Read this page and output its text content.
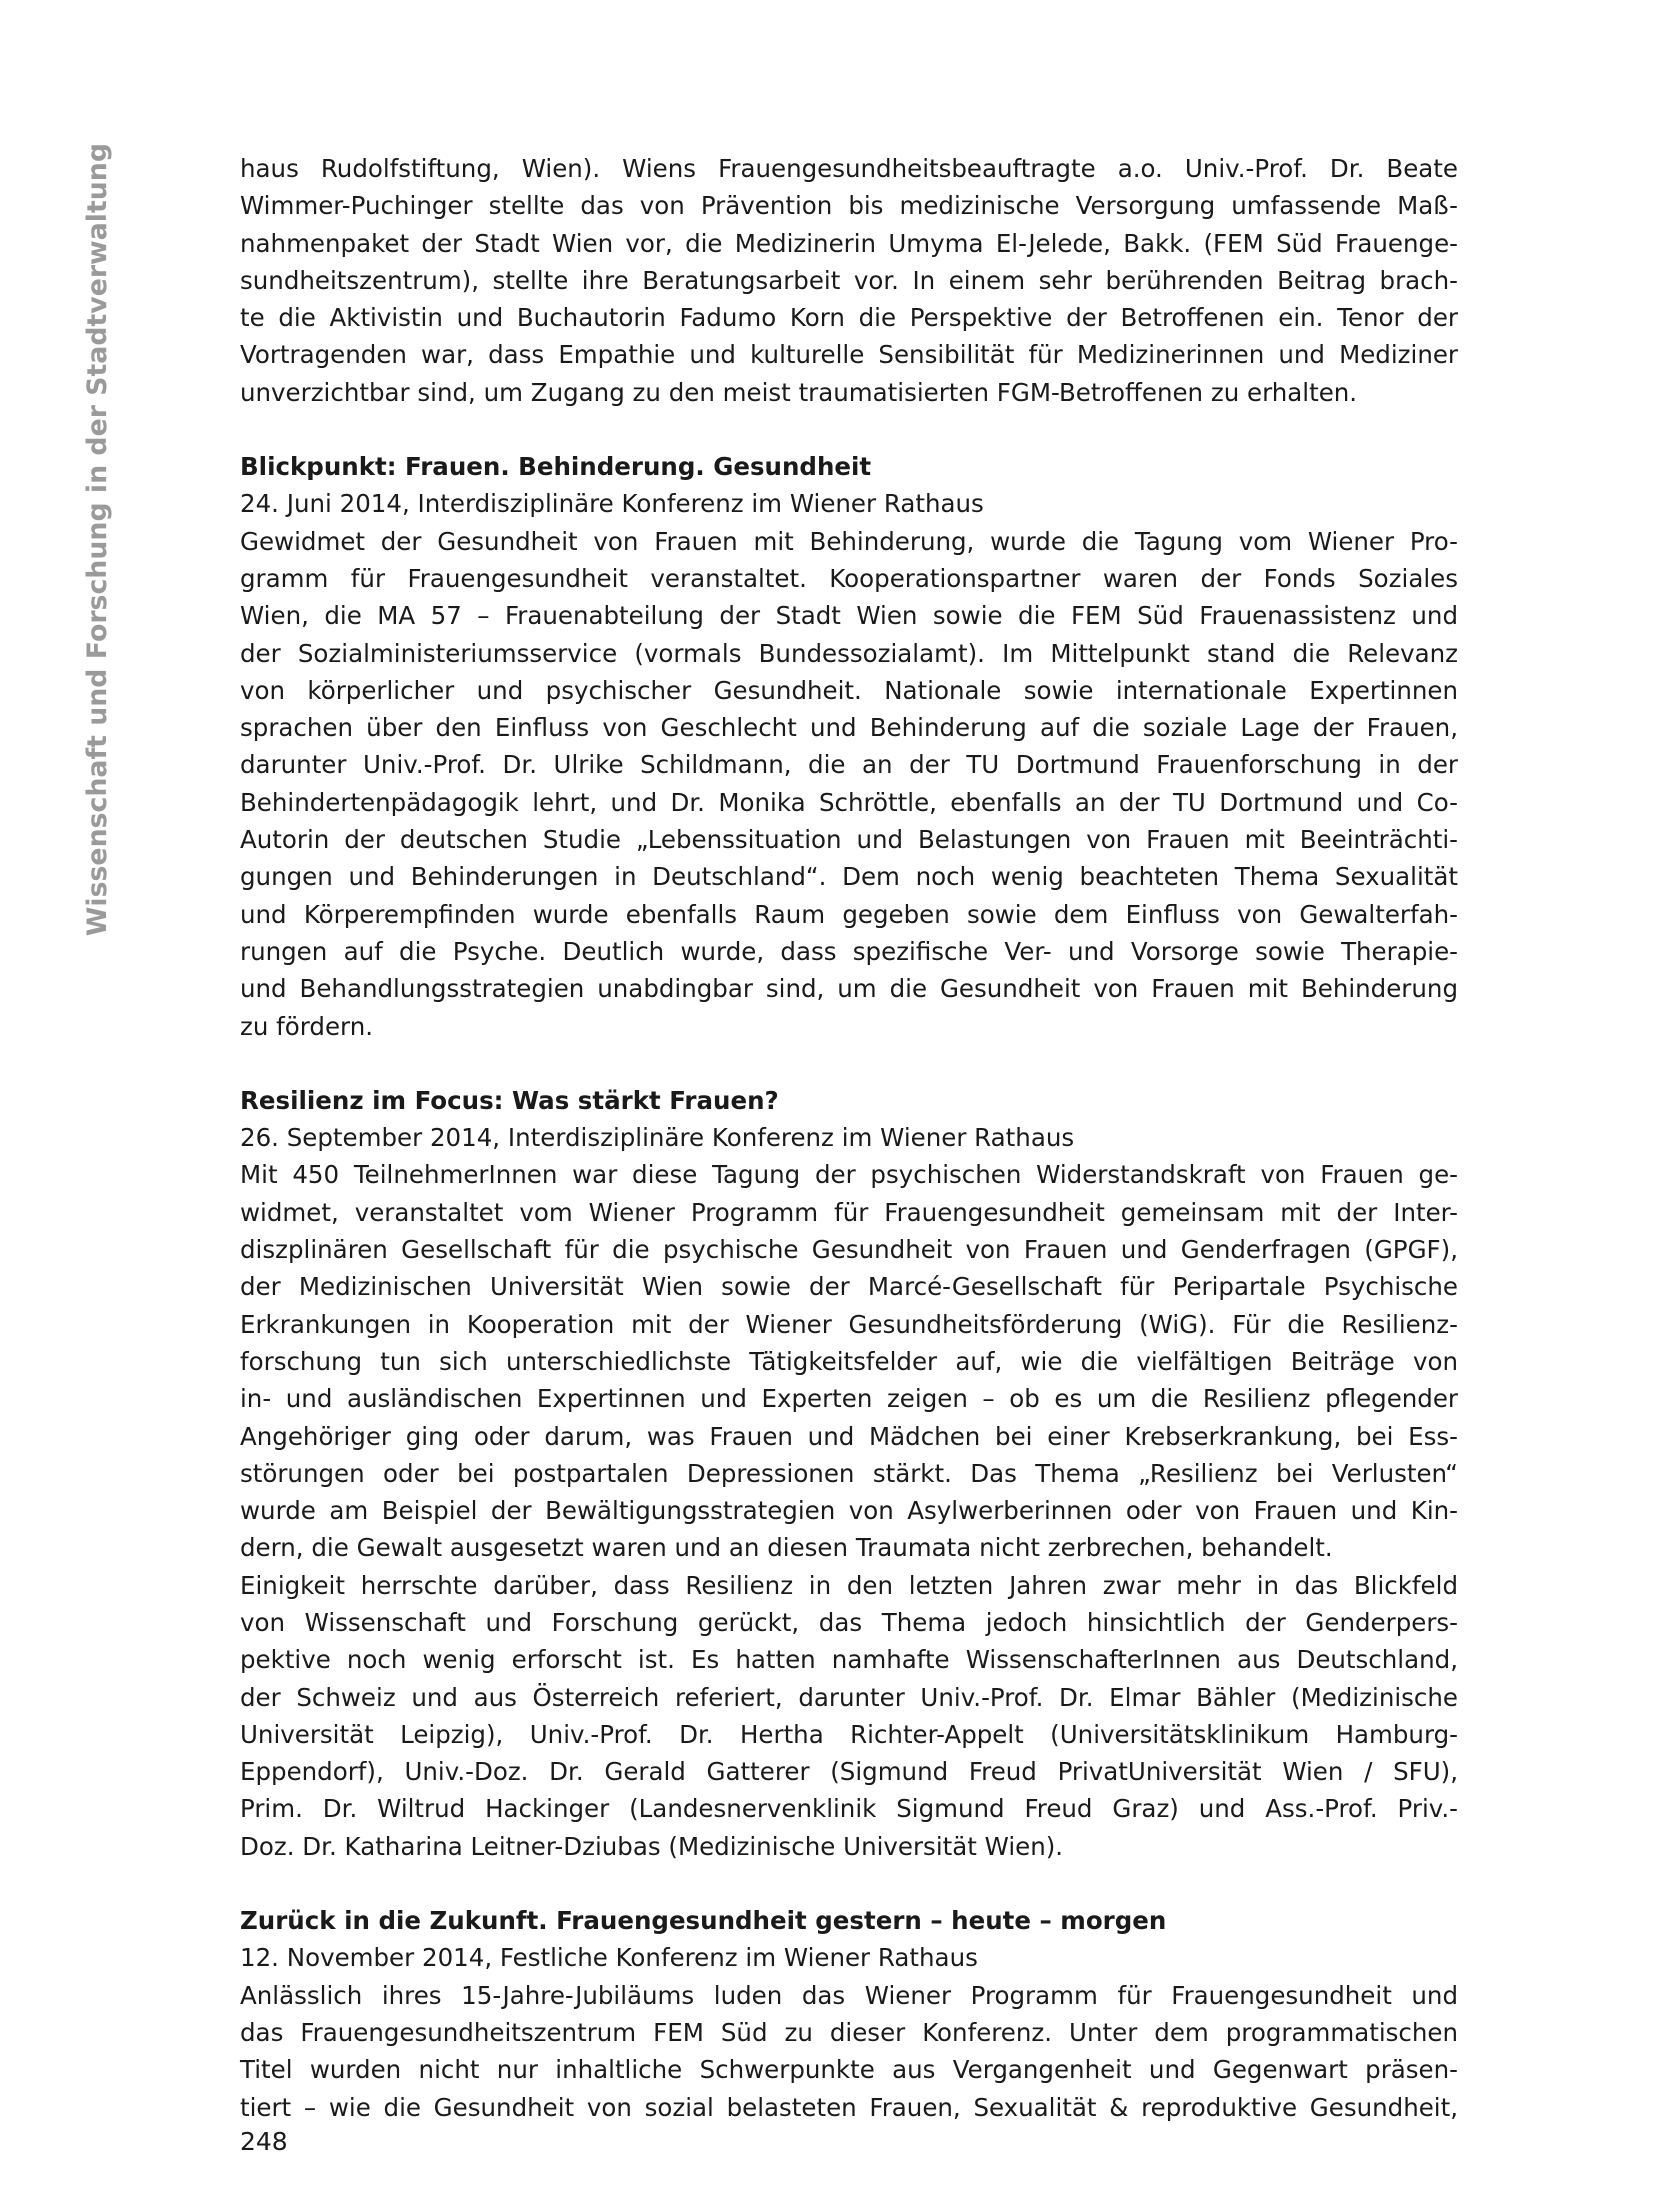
Wissenschaft und Forschung in der Stadtverwaltung	haus Rudolfstiftung, Wien). Wiens Frauengesundheitsbeauftragte a.o. Univ.-Prof. Dr. Beate
Wimmer-Puchinger stellte das von Prävention bis medizinische Versorgung umfassende Maß-
nahmenpaket der Stadt Wien vor, die Medizinerin Umyma El-Jelede, Bakk. (FEM Süd Frauenge-
sundheitszentrum), stellte ihre Beratungsarbeit vor. In einem sehr berührenden Beitrag brach-
te die Aktivistin und Buchautorin Fadumo Korn die Perspektive der Betroffenen ein. Tenor der
Vortragenden war, dass Empathie und kulturelle Sensibilität für Medizinerinnen und Mediziner
unverzichtbar sind, um Zugang zu den meist traumatisierten FGM-Betroffenen zu erhalten.
Blickpunkt: Frauen. Behinderung. Gesundheit
24. Juni 2014, Interdisziplinäre Konferenz im Wiener Rathaus
Gewidmet der Gesundheit von Frauen mit Behinderung, wurde die Tagung vom Wiener Pro-
gramm für Frauengesundheit veranstaltet. Kooperationspartner waren der Fonds Soziales
Wien, die MA 57 – Frauenabteilung der Stadt Wien sowie die FEM Süd Frauenassistenz und
der Sozialministeriumsservice (vormals Bundessozialamt). Im Mittelpunkt stand die Relevanz
von körperlicher und psychischer Gesundheit. Nationale sowie internationale Expertinnen
sprachen über den Einfluss von Geschlecht und Behinderung auf die soziale Lage der Frauen,
darunter Univ.-Prof. Dr. Ulrike Schildmann, die an der TU Dortmund Frauenforschung in der
Behindertenpädagogik lehrt, und Dr. Monika Schröttle, ebenfalls an der TU Dortmund und Co-
Autorin der deutschen Studie „Lebenssituation und Belastungen von Frauen mit Beeinträchti-
gungen und Behinderungen in Deutschland“. Dem noch wenig beachteten Thema Sexualität
und Körperempfinden wurde ebenfalls Raum gegeben sowie dem Einfluss von Gewalterfah-
rungen auf die Psyche. Deutlich wurde, dass spezifische Ver- und Vorsorge sowie Therapie-
und Behandlungsstrategien unabdingbar sind, um die Gesundheit von Frauen mit Behinderung
zu fördern.
Resilienz im Focus: Was stärkt Frauen?
26. September 2014, Interdisziplinäre Konferenz im Wiener Rathaus
Mit 450 TeilnehmerInnen war diese Tagung der psychischen Widerstandskraft von Frauen ge-
widmet, veranstaltet vom Wiener Programm für Frauengesundheit gemeinsam mit der Inter-
diszplinären Gesellschaft für die psychische Gesundheit von Frauen und Genderfragen (GPGF),
der Medizinischen Universität Wien sowie der Marcé-Gesellschaft für Peripartale Psychische
Erkrankungen in Kooperation mit der Wiener Gesundheitsförderung (WiG). Für die Resilienz-
forschung tun sich unterschiedlichste Tätigkeitsfelder auf, wie die vielfältigen Beiträge von
in- und ausländischen Expertinnen und Experten zeigen – ob es um die Resilienz pflegender
Angehöriger ging oder darum, was Frauen und Mädchen bei einer Krebserkrankung, bei Ess-
störungen oder bei postpartalen Depressionen stärkt. Das Thema „Resilienz bei Verlusten“
wurde am Beispiel der Bewältigungsstrategien von Asylwerberinnen oder von Frauen und Kin-
dern, die Gewalt ausgesetzt waren und an diesen Traumata nicht zerbrechen, behandelt.
Einigkeit herrschte darüber, dass Resilienz in den letzten Jahren zwar mehr in das Blickfeld
von Wissenschaft und Forschung gerückt, das Thema jedoch hinsichtlich der Genderpers-
pektive noch wenig erforscht ist. Es hatten namhafte WissenschafterInnen aus Deutschland,
der Schweiz und aus Österreich referiert, darunter Univ.-Prof. Dr. Elmar Bähler (Medizinische
Universität Leipzig), Univ.-Prof. Dr. Hertha Richter-Appelt (Universitätsklinikum Hamburg-
Eppendorf), Univ.-Doz. Dr. Gerald Gatterer (Sigmund Freud PrivatUniversität Wien / SFU),
Prim. Dr. Wiltrud Hackinger (Landesnervenklinik Sigmund Freud Graz) und Ass.-Prof. Priv.-
Doz. Dr. Katharina Leitner-Dziubas (Medizinische Universität Wien).
Zurück in die Zukunft. Frauengesundheit gestern – heute – morgen
12. November 2014, Festliche Konferenz im Wiener Rathaus
Anlässlich ihres 15-Jahre-Jubiläums luden das Wiener Programm für Frauengesundheit und
das Frauengesundheitszentrum FEM Süd zu dieser Konferenz. Unter dem programmatischen
Titel wurden nicht nur inhaltliche Schwerpunkte aus Vergangenheit und Gegenwart präsen-
tiert – wie die Gesundheit von sozial belasteten Frauen, Sexualität & reproduktive Gesundheit,
248
